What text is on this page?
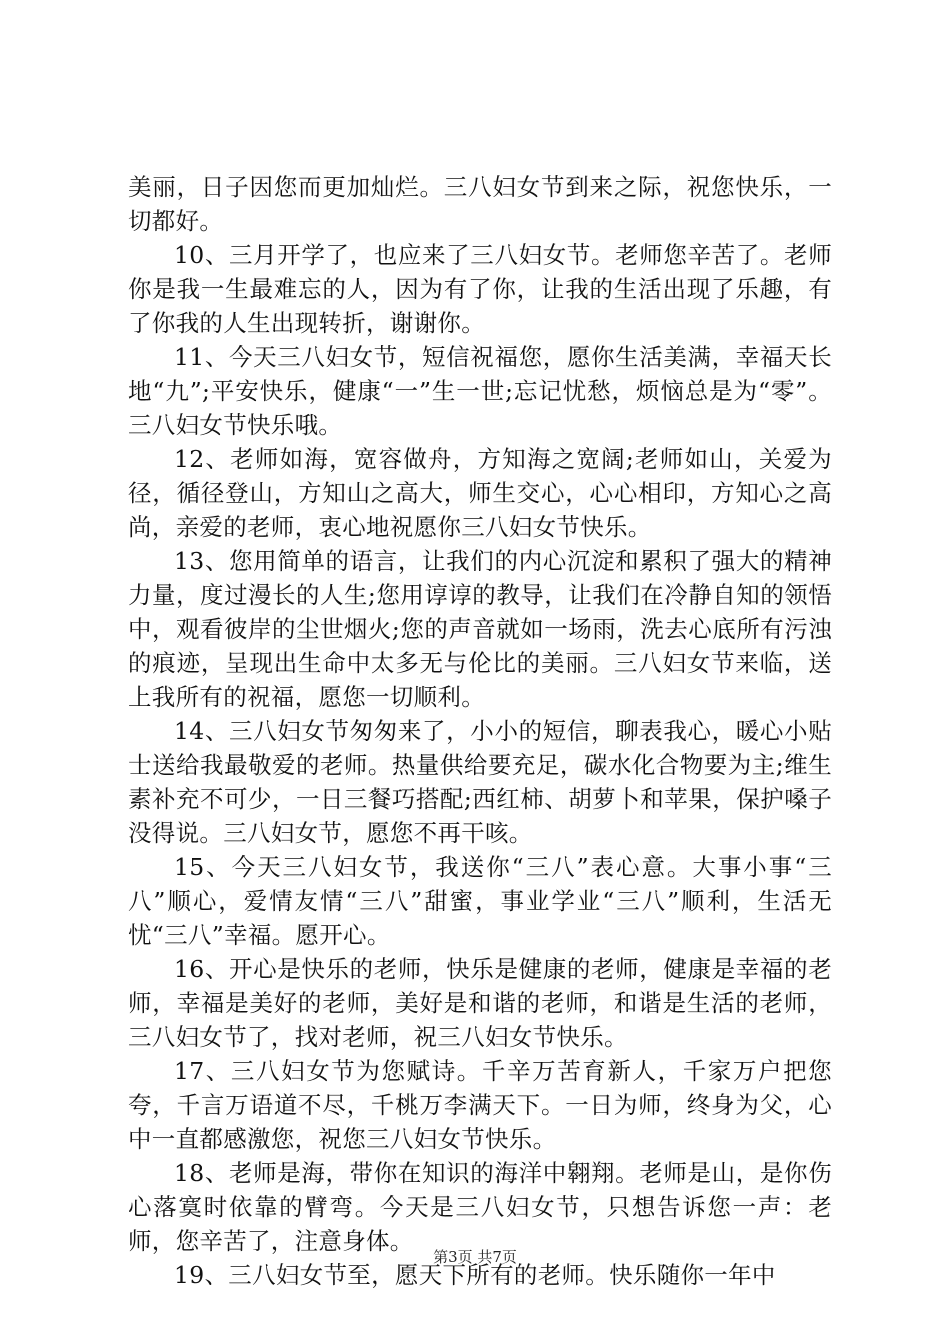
美丽，日子因您而更加灿烂。三八妇女节到来之际，祝您快乐，一切都好。

10、三月开学了，也应来了三八妇女节。老师您辛苦了。老师你是我一生最难忘的人，因为有了你，让我的生活出现了乐趣，有了你我的人生出现转折，谢谢你。

11、今天三八妇女节，短信祝福您，愿你生活美满，幸福天长地“九”;平安快乐，健康“一”生一世;忘记忧愁，烦恼总是为“零”。三八妇女节快乐哦。

12、老师如海，宽容做舟，方知海之宽阔;老师如山，关爱为径，循径登山，方知山之高大，师生交心，心心相印，方知心之高尚，亲爱的老师，衷心地祝愿你三八妇女节快乐。

13、您用简单的语言，让我们的内心沉淀和累积了强大的精神力量，度过漫长的人生;您用谆谆的教导，让我们在冷静自知的领悟中，观看彼岸的尘世烟火;您的声音就如一场雨，洗去心底所有污浊的痕迹，呈现出生命中太多无与伦比的美丽。三八妇女节来临，送上我所有的祝福，愿您一切顺利。

14、三八妇女节匆匆来了，小小的短信，聊表我心，暖心小贴士送给我最敬爱的老师。热量供给要充足，碳水化合物要为主;维生素补充不可少，一日三餐巧搭配;西红柿、胡萝卜和苹果，保护嗓子没得说。三八妇女节，愿您不再干咳。

15、今天三八妇女节，我送你“三八”表心意。大事小事“三八”顺心，爱情友情“三八”甜蜜，事业学业“三八”顺利，生活无忧“三八”幸福。愿开心。

16、开心是快乐的老师，快乐是健康的老师，健康是幸福的老师，幸福是美好的老师，美好是和谐的老师，和谐是生活的老师，三八妇女节了，找对老师，祝三八妇女节快乐。

17、三八妇女节为您赋诗。千辛万苦育新人，千家万户把您夸，千言万语道不尽，千桃万李满天下。一日为师，终身为父，心中一直都感激您，祝您三八妇女节快乐。

18、老师是海，带你在知识的海洋中翱翔。老师是山，是你伤心落寞时依靠的臂弯。今天是三八妇女节，只想告诉您一声：老师，您辛苦了，注意身体。

19、三八妇女节至，愿天下所有的老师。快乐随你一年中

第3页 共7页
